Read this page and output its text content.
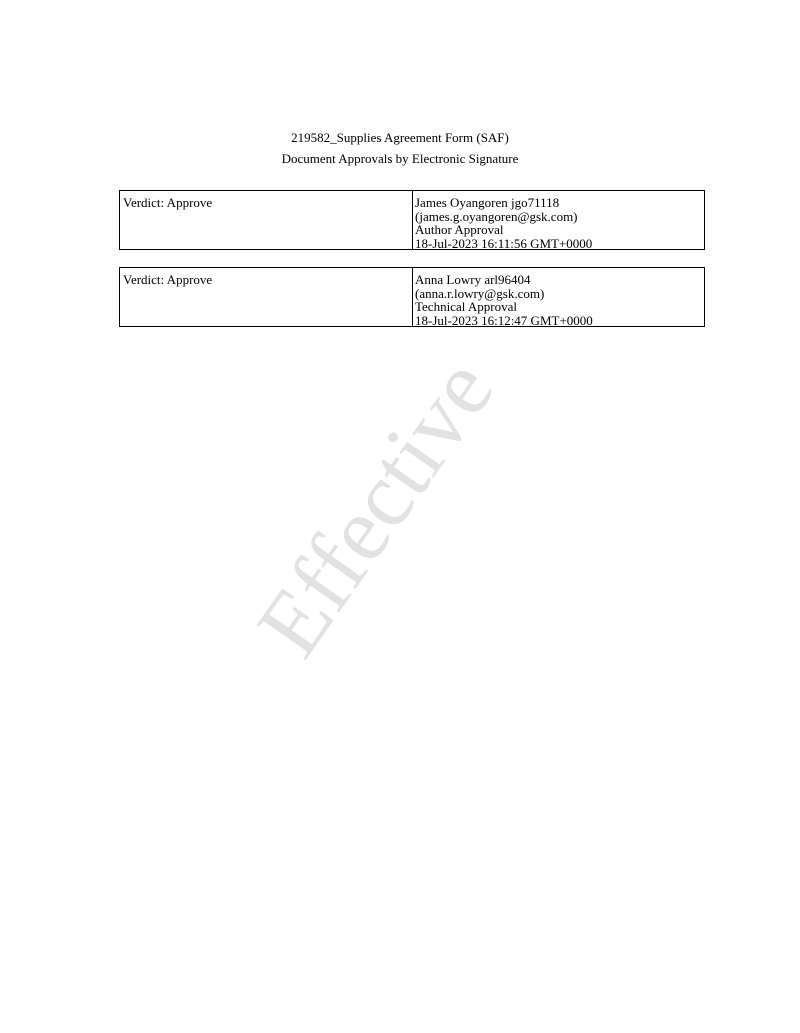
219582_Supplies Agreement Form (SAF)
Document Approvals by Electronic Signature
Verdict: Approve	James Oyangoren jgo71118
(james.g.oyangoren@gsk.com)
Author Approval
18-Jul-2023 16:11:56 GMT+0000
Verdict: Approve	Anna Lowry arl96404
(anna.r.lowry@gsk.com)
Technical Approval
18-Jul-2023 16:12:47 GMT+0000
Effective
